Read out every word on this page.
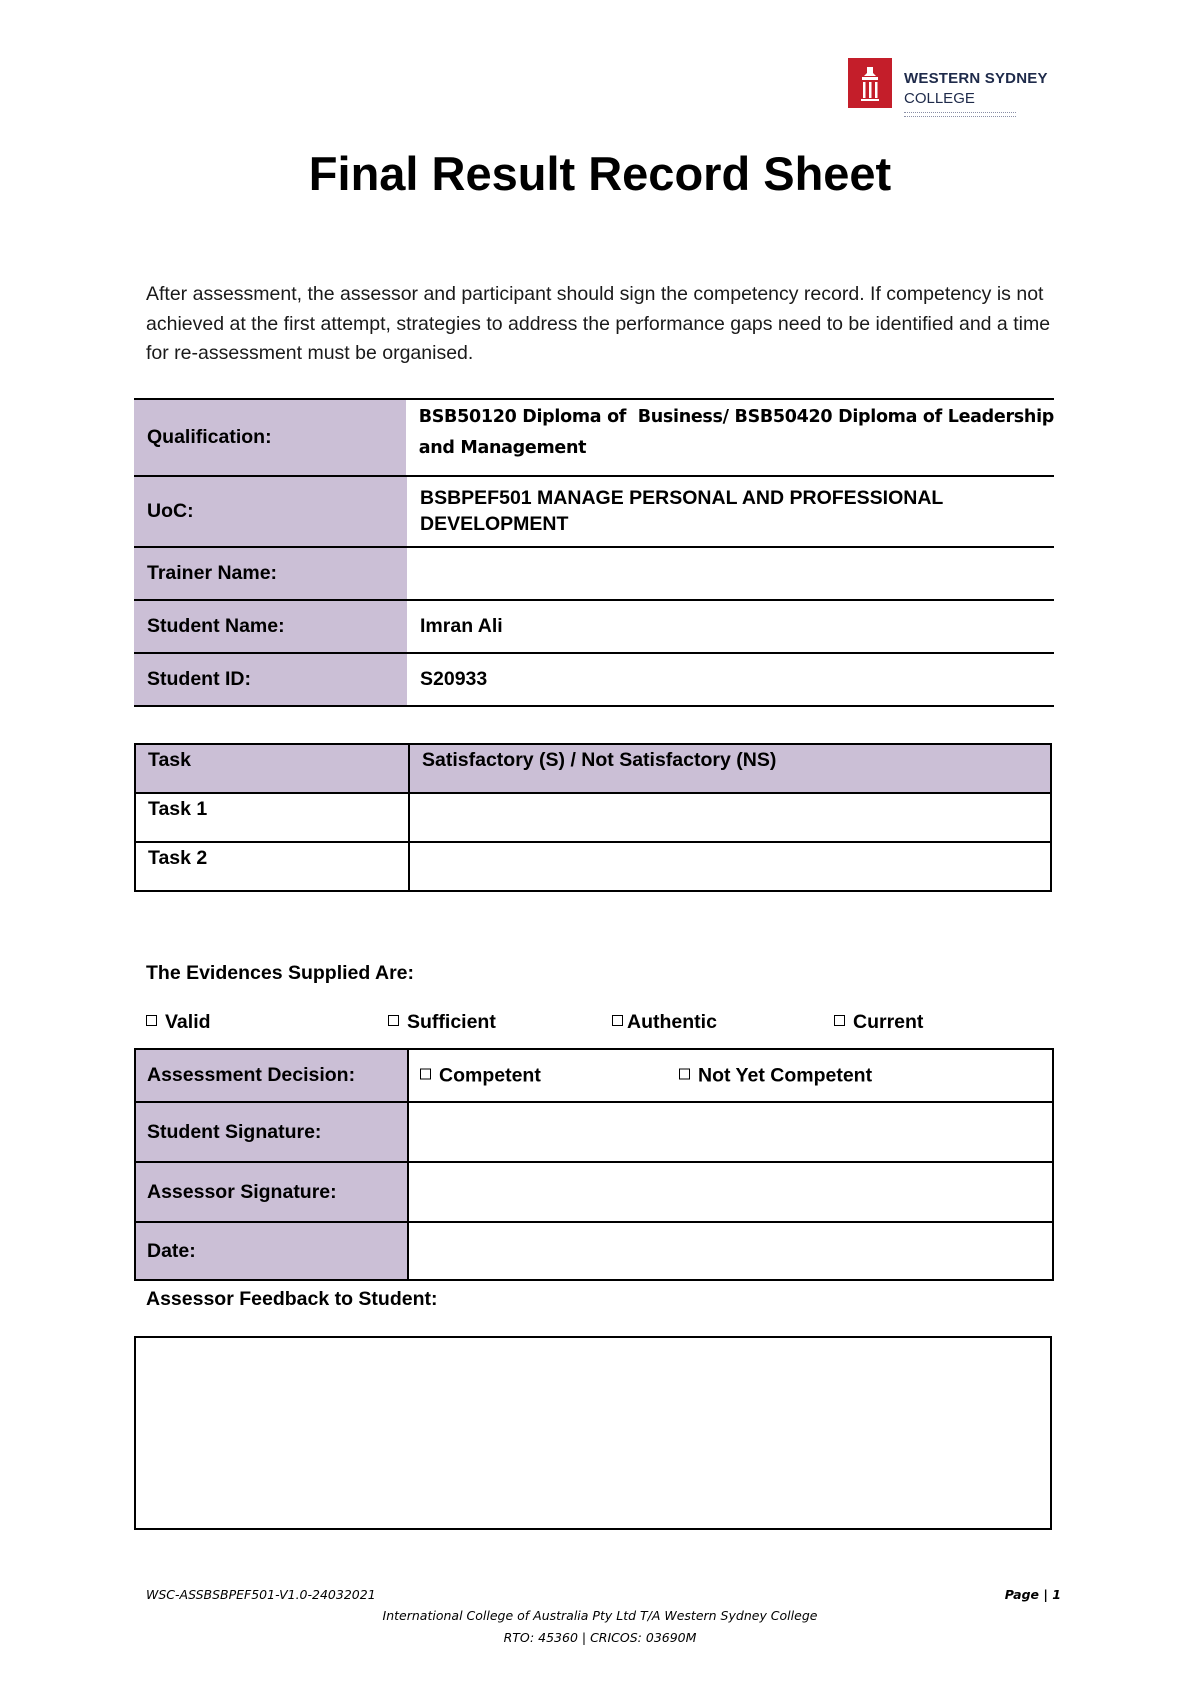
WESTERN SYDNEY
COLLEGE
Final Result Record Sheet
After assessment, the assessor and participant should sign the competency record. If competency is not achieved at the first attempt, strategies to address the performance gaps need to be identified and a time for re-assessment must be organised.
Qualification:
BSB50120 Diploma of  Business/ BSB50420 Diploma of Leadership
and Management
UoC:
BSBPEF501 MANAGE PERSONAL AND PROFESSIONAL
DEVELOPMENT
Trainer Name:
Student Name:	Imran Ali
Student ID:	S20933
Task	Satisfactory (S) / Not Satisfactory (NS)
Task 1	
Task 2	
The Evidences Supplied Are:
Valid	Sufficient	Authentic	Current
Assessment Decision:	Competent	Not Yet Competent
Student Signature:
Assessor Signature:
Date:
Assessor Feedback to Student:
WSC-ASSBSBPEF501-V1.0-24032021	Page | 1
International College of Australia Pty Ltd T/A Western Sydney College
RTO: 45360 | CRICOS: 03690M
